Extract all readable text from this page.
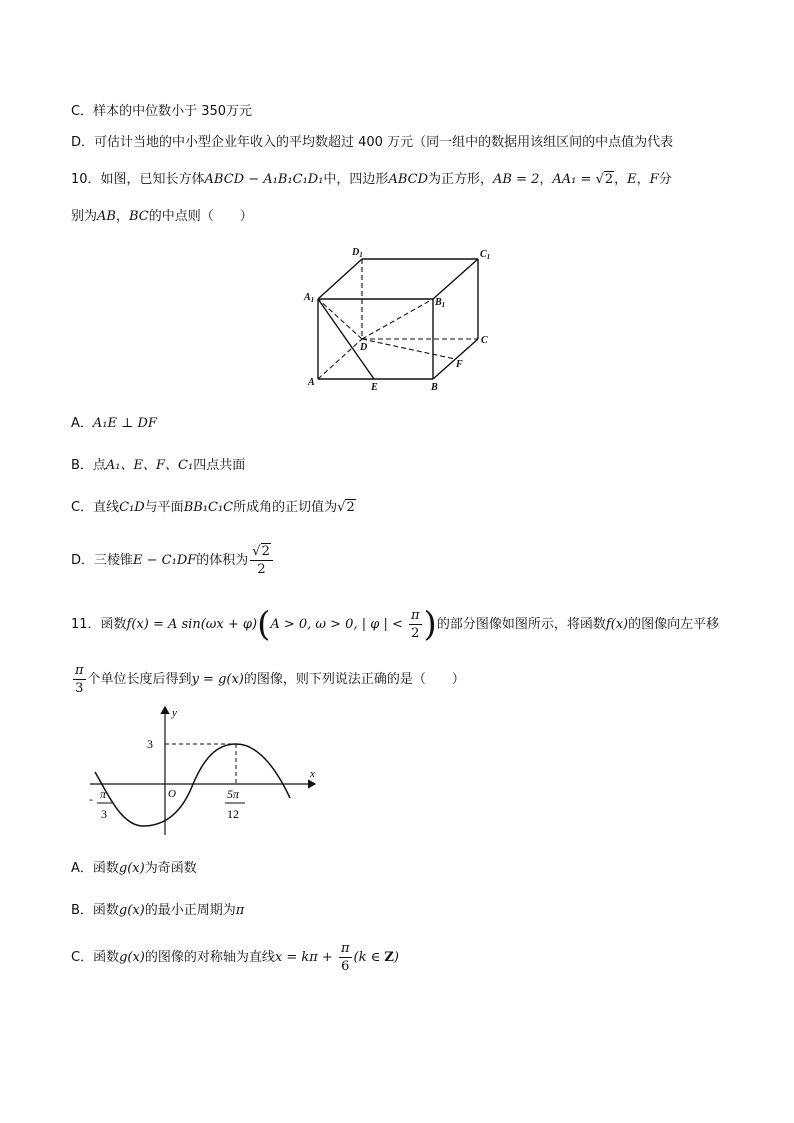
C．样本的中位数小于 350万元
D．可估计当地的中小型企业年收入的平均数超过 400 万元（同一组中的数据用该组区间的中点值为代表
10．如图，已知长方体ABCD − A₁B₁C₁D₁中，四边形ABCD为正方形，AB = 2，AA₁ = √2，E，F分
别为AB，BC的中点则（　　）
$D_1$	$C_1$
$A_1$	$B_1$
D
C
F
A	E	B
A．A₁E ⊥ DF
B．点A₁、E、F、C₁四点共面
C．直线C₁D与平面BB₁C₁C所成角的正切值为√2
D．三棱锥E − C₁DF的体积为 $\frac{√2}{2}$
11．函数f(x) = A sin(ωx + φ)(A > 0, ω > 0, | φ | < $\frac{\pi}{2}$ )的部分图像如图所示，将函数f(x)的图像向左平移
$\frac{\pi}{3}$ 个单位长度后得到y = g(x)的图像，则下列说法正确的是（　　）
y
x
O
3
- π
3
5π
12
A．函数g(x)为奇函数
B．函数g(x)的最小正周期为π
C．函数g(x)的图像的对称轴为直线$x = k\pi + \frac{\pi}{6} (k$ ∈ Z)
